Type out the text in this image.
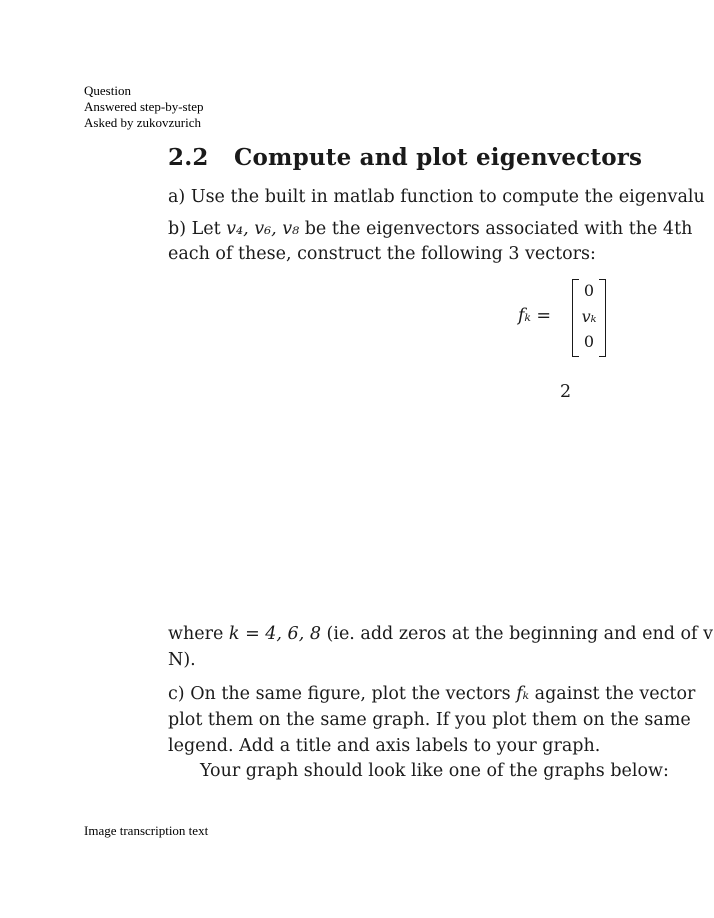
Question
Answered step-by-step
Asked by zukovzurich
2.2 Compute and plot eigenvectors
a) Use the built in matlab function to compute the eigenvalu
b) Let v₄, v₆, v₈ be the eigenvectors associated with the 4th
each of these, construct the following 3 vectors:
fₖ =
0
vₖ
0
2
where k = 4, 6, 8 (ie. add zeros at the beginning and end of v
N).
c) On the same figure, plot the vectors fₖ against the vector
plot them on the same graph. If you plot them on the same
legend. Add a title and axis labels to your graph.
Your graph should look like one of the graphs below:
Image transcription text
